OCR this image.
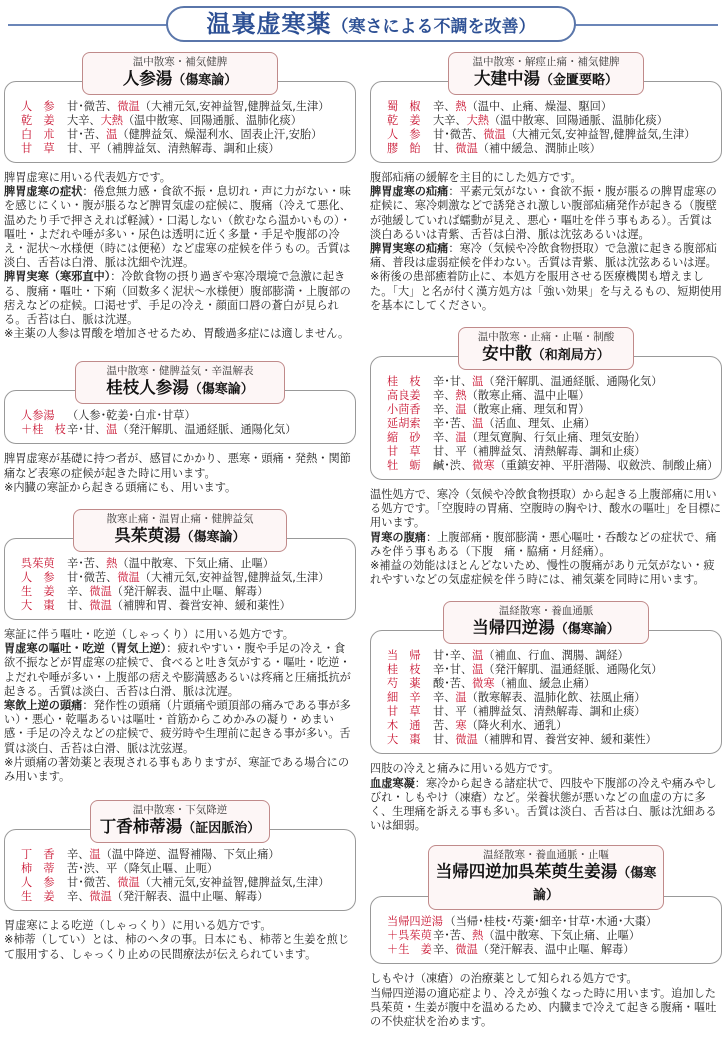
温裏虚寒薬（寒さによる不調を改善）
温中散寒・補気健脾
人参湯（傷寒論）
人　参	甘･微苦、微温（大補元気,安神益智,健脾益気,生津）
乾　姜	大辛、大熱（温中散寒、回陽通脈、温肺化痰）
白　朮	甘･苦、温（健脾益気、燥湿利水、固表止汗,安胎）
甘　草	甘、平（補脾益気、清熱解毒、調和止痰）

脾胃虚寒に用いる代表処方です。

脾胃虚寒の症状：倦怠無力感・食欲不振・息切れ・声に力がない・味を感じにくい・腹が脹るなど脾胃気虚の症候に、腹痛（冷えて悪化、温めたり手で押さえれば軽減）・口渇しない（飲むなら温かいもの）・嘔吐・よだれや唾が多い・尿色は透明に近く多量・手足や腹部の冷え・泥状～水様便（時には便秘）など虚寒の症候を伴うもの。舌質は淡白、舌苔は白滑、脈は沈細や沈遅。

脾胃実寒（寒邪直中）：冷飲食物の摂り過ぎや寒冷環境で急激に起きる、腹痛・嘔吐・下痢（回数多く泥状～水様便）腹部膨満・上腹部の痞えなどの症候。口渇せず、手足の冷え・顔面口唇の蒼白が見られる。舌苔は白、脈は沈遅。

※主薬の人参は胃酸を増加させるため、胃酸過多症には適しません。

温中散寒・健脾益気・辛温解表
桂枝人参湯（傷寒論）
人参湯	（人参･乾姜･白朮･甘草）
＋桂　枝 辛･甘、温（発汗解肌、温通経脈、通陽化気）

脾胃虚寒が基礎に持つ者が、感冒にかかり、悪寒・頭痛・発熱・関節痛など表寒の症候が起きた時に用います。

※内臓の寒証から起きる頭痛にも、用います。

散寒止痛・温胃止痛・健脾益気
呉茱萸湯（傷寒論）
呉茱萸	辛･苦、熱（温中散寒、下気止痛、止嘔）
人　参	甘･微苦、微温（大補元気,安神益智,健脾益気,生津）
生　姜	辛、微温（発汗解表、温中止嘔、解毒）
大　棗	甘、微温（補脾和胃、養営安神、緩和薬性）

寒証に伴う嘔吐・吃逆（しゃっくり）に用いる処方です。

胃虚寒の嘔吐・吃逆（胃気上逆）：疲れやすい・腹や手足の冷え・食欲不振などが胃虚寒の症候で、食べると吐き気がする・嘔吐・吃逆・よだれや唾が多い・上腹部の痞えや膨満感あるいは疼痛と圧痛抵抗が起きる。舌質は淡白、舌苔は白滑、脈は沈遅。

寒飲上逆の頭痛：発作性の頭痛（片頭痛や頭頂部の痛みである事が多い）・悪心・乾嘔あるいは嘔吐・首筋からこめかみの凝り・めまい感・手足の冷えなどの症候で、疲労時や生理前に起きる事が多い。舌質は淡白、舌苔は白滑、脈は沈弦遅。

※片頭痛の著効薬と表現される事もありますが、寒証である場合にのみ用います。

温中散寒・下気降逆
丁香柿蒂湯（証因脈治）
丁　香	辛、温（温中降逆、温腎補陽、下気止痛）
柿　蒂	苦･渋、平（降気止嘔、止呃）
人　参	甘･微苦、微温（大補元気,安神益智,健脾益気,生津）
生　姜	辛、微温（発汗解表、温中止嘔、解毒）

胃虚寒による吃逆（しゃっくり）に用いる処方です。

※柿蒂（してい）とは、柿のヘタの事。日本にも、柿蒂と生姜を煎じて服用する、しゃっくり止めの民間療法が伝えられています。

温中散寒・解痙止痛・補気健脾
大建中湯（金匱要略）
蜀　椒	辛、熱（温中、止痛、燥湿、駆回）
乾　姜	大辛、大熱（温中散寒、回陽通脈、温肺化痰）
人　参	甘･微苦、微温（大補元気,安神益智,健脾益気,生津）
膠　飴	甘、微温（補中緩急、潤肺止咳）

腹部疝痛の緩解を主目的にした処方です。

脾胃虚寒の疝痛：平素元気がない・食欲不振・腹が脹るの脾胃虚寒の症候に、寒冷刺激などで誘発され激しい腹部疝痛発作が起きる（腹壁が弛緩していれば蠕動が見え、悪心・嘔吐を伴う事もある）。舌質は淡白あるいは青紫、舌苔は白滑、脈は沈弦あるいは遅。

脾胃実寒の疝痛：寒冷（気候や冷飲食物摂取）で急激に起きる腹部疝痛、普段は虚弱症候を伴わない。舌質は青紫、脈は沈弦あるいは遅。

※術後の患部癒着防止に、本処方を服用させる医療機関も増えました。「大」と名が付く漢方処方は「強い効果」を与えるもの、短期使用を基本にしてください。

温中散寒・止痛・止嘔・制酸
安中散（和剤局方）
桂　枝	辛･甘、温（発汗解肌、温通経脈、通陽化気）
高良姜	辛、熱（散寒止痛、温中止嘔）
小茴香	辛、温（散寒止痛、理気和胃）
延胡索	辛･苦、温（活血、理気、止痛）
縮　砂	辛、温（理気寛胸、行気止痛、理気安胎）
甘　草	甘、平（補脾益気、清熱解毒、調和止痰）
牡　蛎	鹹･渋、微寒（重鎮安神、平肝潜陽、収斂渋、制酸止痛）

温性処方で、寒冷（気候や冷飲食物摂取）から起きる上腹部痛に用いる処方です。「空腹時の胃痛、空腹時の胸やけ、酸水の嘔吐」を目標に用います。

胃寒の腹痛：上腹部痛・腹部膨満・悪心嘔吐・呑酸などの症状で、痛みを伴う事もある（下腹　痛・脇痛・月経痛）。

※補益の効能はほとんどないため、慢性の腹痛があり元気がない・疲れやすいなどの気虚症候を伴う時には、補気薬を同時に用います。

温経散寒・養血通脈
当帰四逆湯（傷寒論）
当　帰	甘･辛、温（補血、行血、潤腸、調経）
桂　枝	辛･甘、温（発汗解肌、温通経脈、通陽化気）
芍　薬	酸･苦、微寒（補血、緩急止痛）
細　辛	辛、温（散寒解表、温肺化飲、祛風止痛）
甘　草	甘、平（補脾益気、清熱解毒、調和止痰）
木　通	苦、寒（降火利水、通乳）
大　棗	甘、微温（補脾和胃、養営安神、緩和薬性）

四肢の冷えと痛みに用いる処方です。

血虚寒凝：寒冷から起きる諸症状で、四肢や下腹部の冷えや痛みやしびれ・しもやけ（凍瘡）など。栄養状態が悪いなどの血虚の方に多く、生理痛を訴える事も多い。舌質は淡白、舌苔は白、脈は沈細あるいは細弱。

温経散寒・養血通脈・止嘔
当帰四逆加呉茱萸生姜湯（傷寒論）
当帰四逆湯 （当帰･桂枝･芍薬･細辛･甘草･木通･大棗）
＋呉茱萸 辛･苦、熱（温中散寒、下気止痛、止嘔）
＋生　姜 辛、微温（発汗解表、温中止嘔、解毒）

しもやけ（凍瘡）の治療薬として知られる処方です。

当帰四逆湯の適応症より、冷えが強くなった時に用います。追加した呉茱萸・生姜が腹中を温めるため、内臓まで冷えて起きる腹痛・嘔吐の不快症状を治めます。
